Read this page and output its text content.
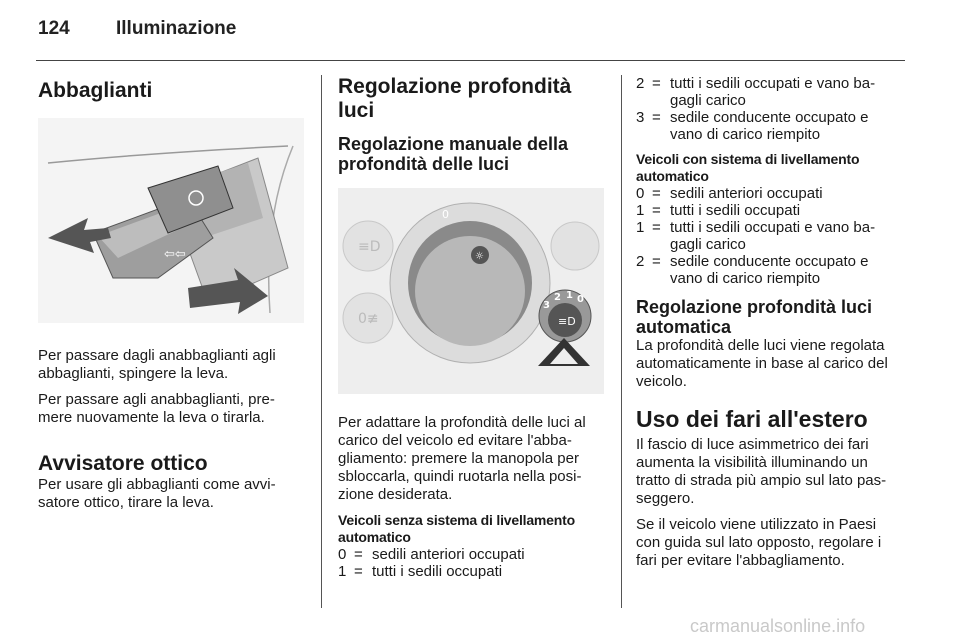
124 Illuminazione
Abbaglianti
⇦⇦

Per passare dagli anabbaglianti agli abbaglianti, spingere la leva.

Per passare agli anabbaglianti, pre-mere nuovamente la leva o tirarla.

Avvisatore ottico

Per usare gli abbaglianti come avvi-satore ottico, tirare la leva.

Regolazione profondità luci
Regolazione manuale della profondità delle luci
≡D
0≢
☼
0
≡D
3
2 1 0

Per adattare la profondità delle luci al carico del veicolo ed evitare l'abba-gliamento: premere la manopola per sbloccarla, quindi ruotarla nella posi-zione desiderata.

Veicoli senza sistema di livellamento automatico
0 = sedili anteriori occupati
1 = tutti i sedili occupati
2 = tutti i sedili occupati e vano ba-gagli carico
3 = sedile conducente occupato e vano di carico riempito
Veicoli con sistema di livellamento automatico
0 = sedili anteriori occupati
1 = tutti i sedili occupati
1 = tutti i sedili occupati e vano ba-gagli carico
2 = sedile conducente occupato e vano di carico riempito
Regolazione profondità luci automatica

La profondità delle luci viene regolata automaticamente in base al carico del veicolo.

Uso dei fari all'estero

Il fascio di luce asimmetrico dei fari aumenta la visibilità illuminando un tratto di strada più ampio sul lato pas-seggero.

Se il veicolo viene utilizzato in Paesi con guida sul lato opposto, regolare i fari per evitare l'abbagliamento.

carmanualsonline.info
